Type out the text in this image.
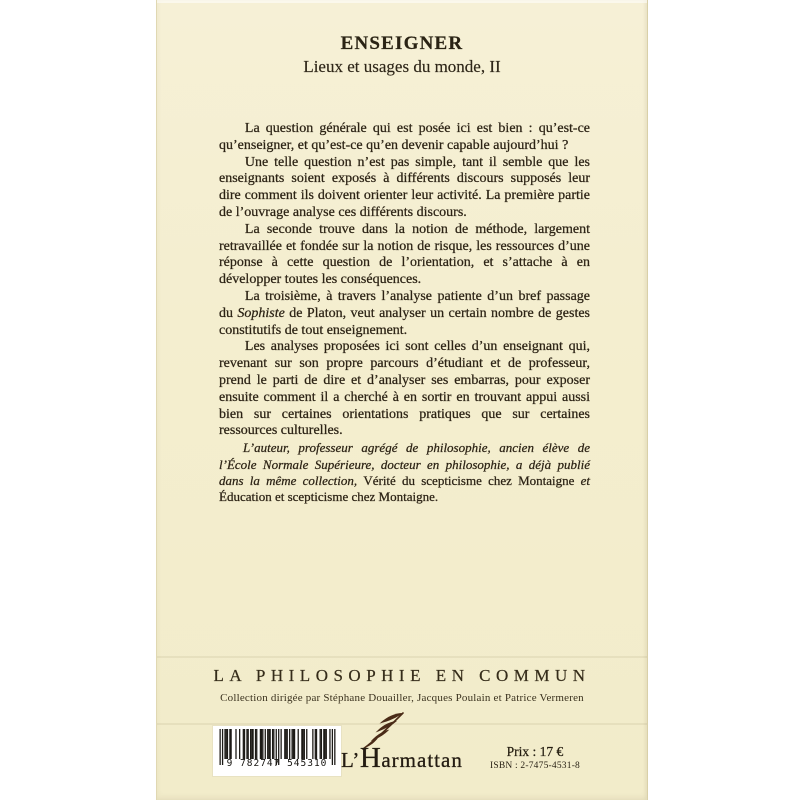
ENSEIGNER
Lieux et usages du monde, II

La question générale qui est posée ici est bien : qu’est-ce qu’enseigner, et qu’est-ce qu’en devenir capable aujourd’hui ?

Une telle question n’est pas simple, tant il semble que les enseignants soient exposés à différents discours supposés leur dire comment ils doivent orienter leur activité. La première partie de l’ouvrage analyse ces différents discours.

La seconde trouve dans la notion de méthode, largement retravaillée et fondée sur la notion de risque, les ressources d’une réponse à cette question de l’orientation, et s’attache à en développer toutes les conséquences.

La troisième, à travers l’analyse patiente d’un bref passage du Sophiste de Platon, veut analyser un certain nombre de gestes constitutifs de tout enseignement.

Les analyses proposées ici sont celles d’un enseignant qui, revenant sur son propre parcours d’étudiant et de professeur, prend le parti de dire et d’analyser ses embarras, pour exposer ensuite comment il a cherché à en sortir en trouvant appui aussi bien sur certaines orientations pratiques que sur certaines ressources culturelles.

L’auteur, professeur agrégé de philosophie, ancien élève de l’École Normale Supérieure, docteur en philosophie, a déjà publié dans la même collection, Vérité du scepticisme chez Montaigne et Éducation et scepticisme chez Montaigne.

LA PHILOSOPHIE EN COMMUN
Collection dirigée par Stéphane Douailler, Jacques Poulain et Patrice Vermeren
9 782747 545310 L’Harmattan	Prix : 17 €
ISBN : 2-7475-4531-8
